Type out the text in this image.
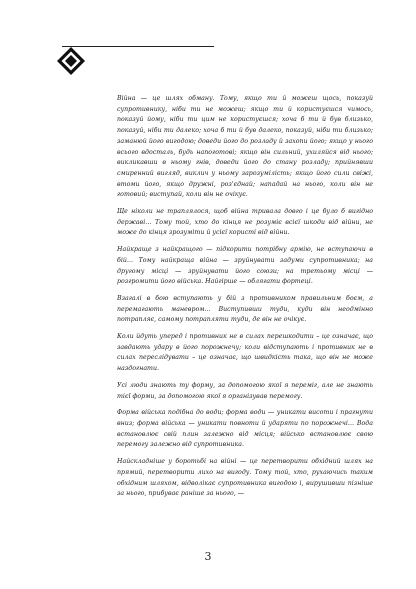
Війна — це шлях обману. Тому, якщо ти й можеш щось, показуй супротивнику, ніби ти не можеш; якщо ти й користуєшся чимось, показуй йому, ніби ти цим не користуєшся; хоча б ти й був близько, показуй, ніби ти далеко; хоча б ти й був далеко, показуй, ніби ти близько; заманюй його вигодою; доведи його до розладу й захопи його; якщо у нього всього вдосталь, будь напоготові; якщо він сильний, ухиляйся від нього; викликавши в ньому гнів, доведи його до стану розладу; прийнявши смиренний вигляд, виклич у ньому зарозумілість; якщо його сили свіжі, втоми його, якщо дружні, роз'єднай; нападай на нього, коли він не готовий; виступай, коли він не очікує.

Ще ніколи не траплялося, щоб війна тривала довго і це було б вигідно державі… Тому той, хто до кінця не розуміє всієї шкоди від війни, не може до кінця зрозуміти й усієї користі від війни.

Найкраще з найкращого — підкорити потрібну армію, не вступаючи в бій… Тому найкраща війна — зруйнувати задуми супротивника; на другому місці — зруйнувати його союзи; на третьому місці — розгромити його війська. Найгірше — облягати фортеці.

Взагалі в бою вступають у бій з противником правильним боєм, а перемагають маневром… Виступивши туди, куди він неодмінно потрапляє, самому потрапляти туди, де він не очікує.

Коли йдуть уперед і противник не в силах перешкодити – це означає, що завдають удару в його порожнечу; коли відступають і противник не в силах переслідувати – це означає, що швидкість така, що він не може наздогнати.

Усі люди знають ту форму, за допомогою якої я переміг, але не знають тієї форми, за допомогою якої я організував перемогу.

Форма війська подібна до води; форма води — уникати висоти і прагнути вниз; форма війська — уникати повноти й ударяти по порожнечі… Вода встановлює свій плин залежно від місця; військо встановлює свою перемогу залежно від супротивника.

Найскладніше у боротьбі на війні — це перетворити обхідний шлях на прямий, перетворити лихо на вигоду. Тому той, хто, рухаючись таким обхідним шляхом, відволікає супротивника вигодою і, вирушивши пізніше за нього, прибуває раніше за нього, —

3
